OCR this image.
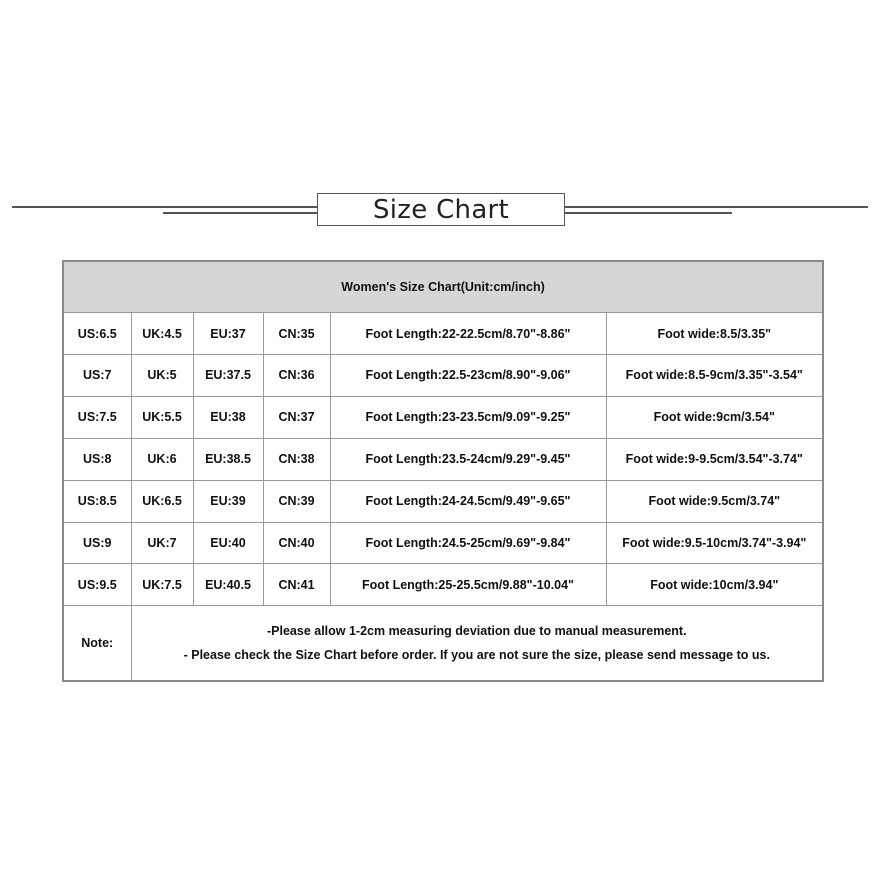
Size Chart
Women's Size Chart(Unit:cm/inch)					
US:6.5	UK:4.5	EU:37	CN:35	Foot Length:22-22.5cm/8.70"-8.86"	Foot wide:8.5/3.35"
US:7	UK:5	EU:37.5	CN:36	Foot Length:22.5-23cm/8.90"-9.06"	Foot wide:8.5-9cm/3.35"-3.54"
US:7.5	UK:5.5	EU:38	CN:37	Foot Length:23-23.5cm/9.09"-9.25"	Foot wide:9cm/3.54"
US:8	UK:6	EU:38.5	CN:38	Foot Length:23.5-24cm/9.29"-9.45"	Foot wide:9-9.5cm/3.54"-3.74"
US:8.5	UK:6.5	EU:39	CN:39	Foot Length:24-24.5cm/9.49"-9.65"	Foot wide:9.5cm/3.74"
US:9	UK:7	EU:40	CN:40	Foot Length:24.5-25cm/9.69"-9.84"	Foot wide:9.5-10cm/3.74"-3.94"
US:9.5	UK:7.5	EU:40.5	CN:41	Foot Length:25-25.5cm/9.88"-10.04"	Foot wide:10cm/3.94"
Note:	-Please allow 1-2cm measuring deviation due to manual measurement.
- Please check the Size Chart before order. If you are not sure the size, please send message to us.				
